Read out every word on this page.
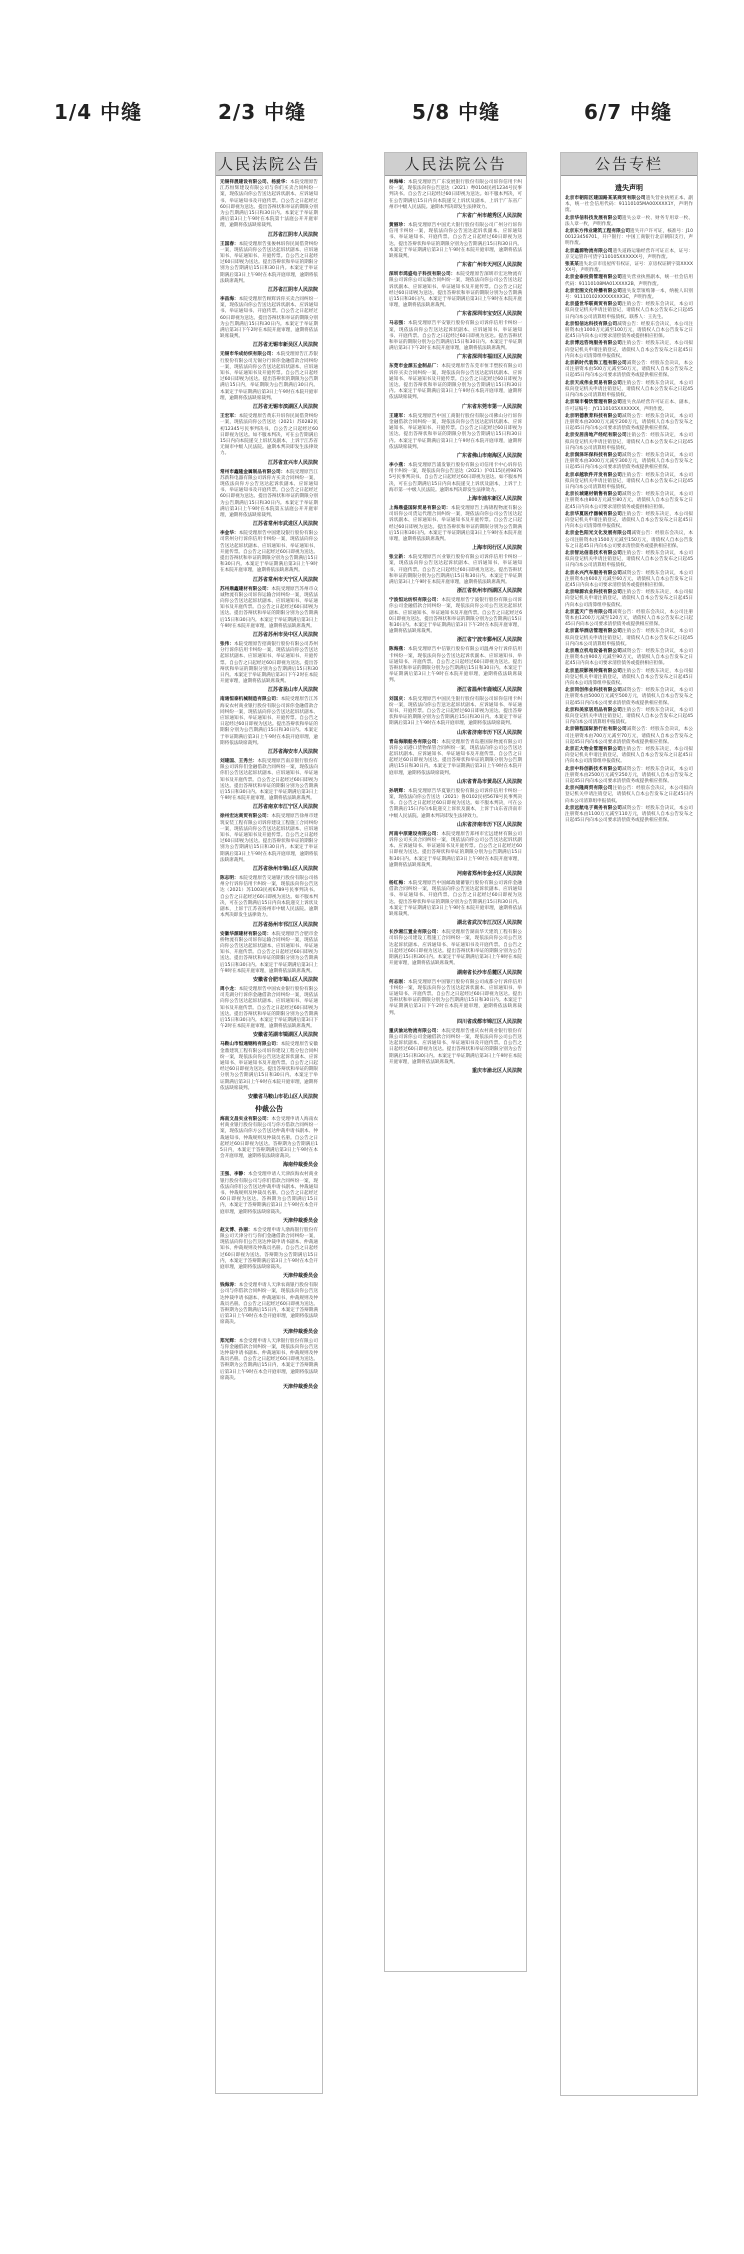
1/4 中缝	2/3 中缝	5/8 中缝	6/7 中缝
人民法院公告
无锡祥晟建设有限公司、杨爱华：本院受理原告江苏恒辉建设有限公司与你们买卖合同纠纷一案，现依法向你公告送达起诉状副本、应诉通知书、举证通知书及开庭传票。自公告之日起经过60日即视为送达。提出答辩状和举证的期限分别为公告期满后15日和30日内。本案定于举证期满后第3日上午9时在本院第十法庭公开开庭审理，逾期将依法缺席裁判。
江苏省江阴市人民法院
王国春：本院受理原告张俊林诉你民间借贷纠纷一案，现依法向你公告送达起诉状副本、应诉通知书、举证通知书、开庭传票。自公告之日起经过60日即视为送达。提出答辩状和举证的期限分别为公告期满后15日和30日内。本案定于举证期满后第3日上午9时在本院开庭审理，逾期将依法缺席裁判。
江苏省江阴市人民法院
李昌海：本院受理原告顾辉诉你买卖合同纠纷一案，现依法向你公告送达起诉状副本、应诉通知书、举证通知书、开庭传票。自公告之日起经过60日即视为送达。提出答辩状和举证的期限分别为公告期满后15日和30日内。本案定于举证期满后第3日下午2时在本院开庭审理，逾期将依法缺席裁判。
江苏省无锡市新吴区人民法院
无锡市华成纺织有限公司：本院受理原告江苏银行股份有限公司无锡分行诉你金融借款合同纠纷一案，现依法向你公告送达起诉状副本、应诉通知书、举证通知书及开庭传票。自公告之日起经过60日即视为送达。提出答辩状的期限为公告期满后15日内，举证期限为公告期满后30日内。本案定于举证期满后第3日上午9时在本院开庭审理，逾期将依法缺席裁判。
江苏省无锡市滨湖区人民法院
王宏军：本院受理原告黄东升诉你民间借贷纠纷一案，现依法向你公告送达（2021）苏0282民初12345号民事判决书。自公告之日起经过60日即视为送达。如不服本判决，可在公告期满后15日内向本院递交上诉状及副本，上诉于江苏省无锡市中级人民法院。逾期本判决即发生法律效力。
江苏省宜兴市人民法院
常州市鑫隆金属制品有限公司：本院受理原告江苏新科电器有限公司诉你方买卖合同纠纷一案，现依法向你方公告送达起诉状副本、应诉通知书、举证通知书及开庭传票。自公告之日起经过60日即视为送达。提出答辩状和举证的期限分别为公告期满后15日和30日内。本案定于举证期满后第3日上午9时在本院第五法庭公开开庭审理，逾期将依法缺席裁判。
江苏省常州市武进区人民法院
李金华：本院受理原告中国建设银行股份有限公司常州分行诉你信用卡纠纷一案，现依法向你公告送达起诉状副本、应诉通知书、举证通知书、开庭传票。自公告之日起经过60日即视为送达。提出答辩状和举证的期限分别为公告期满后15日和30日内。本案定于举证期满后第3日上午9时在本院开庭审理，逾期将依法缺席裁判。
江苏省常州市天宁区人民法院
苏州鼎鑫建材有限公司：本院受理原告苏州市众诚物流有限公司诉你运输合同纠纷一案，现依法向你公告送达起诉状副本、应诉通知书、举证通知书及开庭传票。自公告之日起经过60日即视为送达。提出答辩状和举证的期限分别为公告期满后15日和30日内。本案定于举证期满后第3日上午9时在本院开庭审理，逾期将依法缺席裁判。
江苏省苏州市吴中区人民法院
张伟：本院受理原告招商银行股份有限公司苏州分行诉你信用卡纠纷一案，现依法向你公告送达起诉状副本、应诉通知书、举证通知书、开庭传票。自公告之日起经过60日即视为送达。提出答辩状和举证的期限分别为公告期满后15日和30日内。本案定于举证期满后第3日下午2时在本院开庭审理，逾期将依法缺席裁判。
江苏省昆山市人民法院
南通恒泰机械制造有限公司：本院受理原告江苏海安农村商业银行股份有限公司诉你金融借款合同纠纷一案，现依法向你公告送达起诉状副本、应诉通知书、举证通知书、开庭传票。自公告之日起经过60日即视为送达。提出答辩状和举证的期限分别为公告期满后15日和30日内。本案定于举证期满后第3日上午9时在本院开庭审理，逾期将依法缺席裁判。
江苏省海安市人民法院
刘建国、王秀兰：本院受理原告南京银行股份有限公司诉你们金融借款合同纠纷一案，现依法向你们公告送达起诉状副本、应诉通知书、举证通知书及开庭传票。自公告之日起经过60日即视为送达。提出答辩状和举证的期限分别为公告期满后15日和30日内。本案定于举证期满后第3日上午9时在本院开庭审理，逾期将依法缺席裁判。
江苏省南京市江宁区人民法院
徐州宏达商贸有限公司：本院受理原告徐州市建筑安装工程有限公司诉你建设工程施工合同纠纷一案，现依法向你公告送达起诉状副本、应诉通知书、举证通知书及开庭传票。自公告之日起经过60日即视为送达。提出答辩状和举证的期限分别为公告期满后15日和30日内。本案定于举证期满后第3日上午9时在本院开庭审理，逾期将依法缺席裁判。
江苏省徐州市铜山区人民法院
陈志明：本院受理原告交通银行股份有限公司扬州分行诉你信用卡纠纷一案，现依法向你公告送达（2021）苏1003民初6789号民事判决书。自公告之日起经过60日即视为送达。如不服本判决，可在公告期满后15日内向本院递交上诉状及副本，上诉于江苏省扬州市中级人民法院。逾期本判决即发生法律效力。
江苏省扬州市邗江区人民法院
安徽华源建材有限公司：本院受理原告合肥市金桥物流有限公司诉你运输合同纠纷一案，现依法向你公告送达起诉状副本、应诉通知书、举证通知书、开庭传票。自公告之日起经过60日即视为送达。提出答辩状和举证的期限分别为公告期满后15日和30日内。本案定于举证期满后第3日上午9时在本院开庭审理，逾期将依法缺席裁判。
安徽省合肥市蜀山区人民法院
周小龙：本院受理原告中国农业银行股份有限公司芜湖分行诉你金融借款合同纠纷一案，现依法向你公告送达起诉状副本、应诉通知书、举证通知书及开庭传票。自公告之日起经过60日即视为送达。提出答辩状和举证的期限分别为公告期满后15日和30日内。本案定于举证期满后第3日下午2时在本院开庭审理，逾期将依法缺席裁判。
安徽省芜湖市镜湖区人民法院
马鞍山市恒通钢构有限公司：本院受理原告安徽金鼎建筑工程有限公司诉你建设工程分包合同纠纷一案，现依法向你公告送达起诉状副本、应诉通知书、举证通知书及开庭传票。自公告之日起经过60日即视为送达。提出答辩状和举证的期限分别为公告期满后15日和30日内。本案定于举证期满后第3日上午9时在本院开庭审理，逾期将依法缺席裁判。
安徽省马鞍山市花山区人民法院
仲裁公告
海南文昌实业有限公司：本会受理申请人海南农村商业银行股份有限公司与你方借款合同纠纷一案，现依法向你方公告送达仲裁申请书副本、仲裁通知书、仲裁规则及仲裁员名册。自公告之日起经过60日即视为送达。答辩期为公告期满后15日内，本案定于答辩期满后第3日上午9时在本会开庭审理，逾期将依法缺席裁决。
海南仲裁委员会
王强、李静：本会受理申请人天津滨海农村商业银行股份有限公司与你们借款合同纠纷一案，现依法向你们公告送达仲裁申请书副本、仲裁通知书、仲裁规则及仲裁员名册。自公告之日起经过60日即视为送达。答辩期为公告期满后15日内，本案定于答辩期满后第3日上午9时在本会开庭审理，逾期将依法缺席裁决。
天津仲裁委员会
赵文博、孙丽：本会受理申请人渤海银行股份有限公司天津分行与你们金融借款合同纠纷一案，现依法向你们公告送达仲裁申请书副本、仲裁通知书、仲裁规则及仲裁员名册。自公告之日起经过60日即视为送达。答辩期为公告期满后15日内，本案定于答辩期满后第3日上午9时在本会开庭审理，逾期将依法缺席裁决。
天津仲裁委员会
钱海涛：本会受理申请人天津农商银行股份有限公司与你借款合同纠纷一案，现依法向你公告送达仲裁申请书副本、仲裁通知书、仲裁规则及仲裁员名册。自公告之日起经过60日即视为送达。答辩期为公告期满后15日内，本案定于答辩期满后第3日上午9时在本会开庭审理，逾期将依法缺席裁决。
天津仲裁委员会
郑光辉：本会受理申请人天津银行股份有限公司与你金融借款合同纠纷一案，现依法向你公告送达仲裁申请书副本、仲裁通知书、仲裁规则及仲裁员名册。自公告之日起经过60日即视为送达。答辩期为公告期满后15日内，本案定于答辩期满后第3日上午9时在本会开庭审理，逾期将依法缺席裁决。
天津仲裁委员会
人民法院公告
林海峰：本院受理原告广东发展银行股份有限公司诉你信用卡纠纷一案，现依法向你公告送达（2021）粤0104民初1234号民事判决书。自公告之日起经过60日即视为送达。如不服本判决，可在公告期满后15日内向本院递交上诉状及副本，上诉于广东省广州市中级人民法院。逾期本判决即发生法律效力。
广东省广州市越秀区人民法院
黄丽珍：本院受理原告中国光大银行股份有限公司广州分行诉你信用卡纠纷一案，现依法向你公告送达起诉状副本、应诉通知书、举证通知书、开庭传票。自公告之日起经过60日即视为送达。提出答辩状和举证的期限分别为公告期满后15日和30日内。本案定于举证期满后第3日上午9时在本院开庭审理，逾期将依法缺席裁判。
广东省广州市天河区人民法院
深圳市鸿盛电子科技有限公司：本院受理原告深圳市宏达物流有限公司诉你公司运输合同纠纷一案，现依法向你公司公告送达起诉状副本、应诉通知书、举证通知书及开庭传票。自公告之日起经过60日即视为送达。提出答辩状和举证的期限分别为公告期满后15日和30日内。本案定于举证期满后第3日上午9时在本院开庭审理，逾期将依法缺席裁判。
广东省深圳市宝安区人民法院
马志强：本院受理原告平安银行股份有限公司诉你信用卡纠纷一案，现依法向你公告送达起诉状副本、应诉通知书、举证通知书、开庭传票。自公告之日起经过60日即视为送达。提出答辩状和举证的期限分别为公告期满后15日和30日内。本案定于举证期满后第3日下午2时在本院开庭审理，逾期将依法缺席裁判。
广东省深圳市福田区人民法院
东莞市金源五金制品厂：本院受理原告东莞市恒丰塑胶有限公司诉你买卖合同纠纷一案，现依法向你公告送达起诉状副本、应诉通知书、举证通知书及开庭传票。自公告之日起经过60日即视为送达。提出答辩状和举证的期限分别为公告期满后15日和30日内。本案定于举证期满后第3日上午9时在本院开庭审理，逾期将依法缺席裁判。
广东省东莞市第一人民法院
王建军：本院受理原告中国工商银行股份有限公司佛山分行诉你金融借款合同纠纷一案，现依法向你公告送达起诉状副本、应诉通知书、举证通知书、开庭传票。自公告之日起经过60日即视为送达。提出答辩状和举证的期限分别为公告期满后15日和30日内。本案定于举证期满后第3日上午9时在本院开庭审理，逾期将依法缺席裁判。
广东省佛山市南海区人民法院
李小燕：本院受理原告浦发银行股份有限公司信用卡中心诉你信用卡纠纷一案，现依法向你公告送达（2021）沪0115民初98765号民事判决书。自公告之日起经过60日即视为送达。如不服本判决，可在公告期满后15日内向本院递交上诉状及副本，上诉于上海市第一中级人民法院。逾期本判决即发生法律效力。
上海市浦东新区人民法院
上海鼎盛国际贸易有限公司：本院受理原告上海锦程物流有限公司诉你公司货运代理合同纠纷一案，现依法向你公司公告送达起诉状副本、应诉通知书、举证通知书及开庭传票。自公告之日起经过60日即视为送达。提出答辩状和举证的期限分别为公告期满后15日和30日内。本案定于举证期满后第3日上午9时在本院开庭审理，逾期将依法缺席裁判。
上海市闵行区人民法院
张立新：本院受理原告兴业银行股份有限公司诉你信用卡纠纷一案，现依法向你公告送达起诉状副本、应诉通知书、举证通知书、开庭传票。自公告之日起经过60日即视为送达。提出答辩状和举证的期限分别为公告期满后15日和30日内。本案定于举证期满后第3日上午9时在本院开庭审理，逾期将依法缺席裁判。
浙江省杭州市西湖区人民法院
宁波恒达纺织有限公司：本院受理原告宁波银行股份有限公司诉你公司金融借款合同纠纷一案，现依法向你公司公告送达起诉状副本、应诉通知书、举证通知书及开庭传票。自公告之日起经过60日即视为送达。提出答辩状和举证的期限分别为公告期满后15日和30日内。本案定于举证期满后第3日下午2时在本院开庭审理，逾期将依法缺席裁判。
浙江省宁波市鄞州区人民法院
陈海燕：本院受理原告中信银行股份有限公司温州分行诉你信用卡纠纷一案，现依法向你公告送达起诉状副本、应诉通知书、举证通知书、开庭传票。自公告之日起经过60日即视为送达。提出答辩状和举证的期限分别为公告期满后15日和30日内。本案定于举证期满后第3日上午9时在本院开庭审理，逾期将依法缺席裁判。
浙江省温州市鹿城区人民法院
刘国庆：本院受理原告中国民生银行股份有限公司诉你信用卡纠纷一案，现依法向你公告送达起诉状副本、应诉通知书、举证通知书、开庭传票。自公告之日起经过60日即视为送达。提出答辩状和举证的期限分别为公告期满后15日和30日内。本案定于举证期满后第3日上午9时在本院开庭审理，逾期将依法缺席裁判。
山东省济南市历下区人民法院
青岛海顺船务有限公司：本院受理原告青岛港国际物流有限公司诉你公司港口货物保管合同纠纷一案，现依法向你公司公告送达起诉状副本、应诉通知书、举证通知书及开庭传票。自公告之日起经过60日即视为送达。提出答辩状和举证的期限分别为公告期满后15日和30日内。本案定于举证期满后第3日上午9时在本院开庭审理，逾期将依法缺席裁判。
山东省青岛市黄岛区人民法院
孙明辉：本院受理原告华夏银行股份有限公司诉你信用卡纠纷一案，现依法向你公告送达（2021）鲁0102民初5678号民事判决书。自公告之日起经过60日即视为送达。如不服本判决，可在公告期满后15日内向本院递交上诉状及副本，上诉于山东省济南市中级人民法院。逾期本判决即发生法律效力。
山东省济南市历下区人民法院
河南中原建设有限公司：本院受理原告郑州市宏远建材有限公司诉你公司买卖合同纠纷一案，现依法向你公司公告送达起诉状副本、应诉通知书、举证通知书及开庭传票。自公告之日起经过60日即视为送达。提出答辩状和举证的期限分别为公告期满后15日和30日内。本案定于举证期满后第3日上午9时在本院开庭审理，逾期将依法缺席裁判。
河南省郑州市金水区人民法院
杨红梅：本院受理原告中国邮政储蓄银行股份有限公司诉你金融借款合同纠纷一案，现依法向你公告送达起诉状副本、应诉通知书、举证通知书、开庭传票。自公告之日起经过60日即视为送达。提出答辩状和举证的期限分别为公告期满后15日和30日内。本案定于举证期满后第3日上午9时在本院开庭审理，逾期将依法缺席裁判。
湖北省武汉市江汉区人民法院
长沙湘江置业有限公司：本院受理原告湖南华天建筑工程有限公司诉你公司建设工程施工合同纠纷一案，现依法向你公司公告送达起诉状副本、应诉通知书、举证通知书及开庭传票。自公告之日起经过60日即视为送达。提出答辩状和举证的期限分别为公告期满后15日和30日内。本案定于举证期满后第3日上午9时在本院开庭审理，逾期将依法缺席裁判。
湖南省长沙市岳麓区人民法院
何志刚：本院受理原告中国银行股份有限公司成都分行诉你信用卡纠纷一案，现依法向你公告送达起诉状副本、应诉通知书、举证通知书、开庭传票。自公告之日起经过60日即视为送达。提出答辩状和举证的期限分别为公告期满后15日和30日内。本案定于举证期满后第3日下午2时在本院开庭审理，逾期将依法缺席裁判。
四川省成都市锦江区人民法院
重庆渝达物流有限公司：本院受理原告重庆农村商业银行股份有限公司诉你公司金融借款合同纠纷一案，现依法向你公司公告送达起诉状副本、应诉通知书、举证通知书及开庭传票。自公告之日起经过60日即视为送达。提出答辩状和举证的期限分别为公告期满后15日和30日内。本案定于举证期满后第3日上午9时在本院开庭审理，逾期将依法缺席裁判。
重庆市渝北区人民法院
公告专栏
遗失声明
北京市朝阳区建国路某某商贸有限公司遗失营业执照正本、副本，统一社会信用代码：91110105MA00XXXX1Y，声明作废。
北京华信科技发展有限公司遗失公章一枚、财务专用章一枚、法人章一枚，声明作废。
北京东方伟业建筑工程有限公司遗失开户许可证，核准号：J1000123456701，开户银行：中国工商银行北京朝阳支行，声明作废。
北京鑫源物流有限公司遗失道路运输经营许可证正本，证号：京交运管许可货字110105XXXXXX号，声明作废。
张某某遗失北京市房屋所有权证，证号：京房权证朝字第XXXXXX号，声明作废。
北京金泰投资管理有限公司遗失营业执照副本，统一社会信用代码：91110108MA01XXXX2B，声明作废。
北京宏图文化传播有限公司遗失发票领购簿一本，纳税人识别号：91110102XXXXXXXX3C，声明作废。
北京盛世华联商贸有限公司注销公告：经股东会决议，本公司拟向登记机关申请注销登记，请债权人自本公告发布之日起45日内向本公司清算组申报债权。联系人：王先生。
北京恒信达科技有限公司减资公告：经股东会决议，本公司注册资本由1000万元减至100万元，请债权人自本公告发布之日起45日内向本公司要求清偿债务或提供相应担保。
北京博远咨询服务有限公司注销公告：经股东决定，本公司拟向登记机关申请注销登记，请债权人自本公告发布之日起45日内向本公司清算组申报债权。
北京新时代装饰工程有限公司减资公告：经股东会决议，本公司注册资本由500万元减至50万元，请债权人自本公告发布之日起45日内向本公司要求清偿债务或提供相应担保。
北京天成伟业贸易有限公司注销公告：经股东会决议，本公司拟向登记机关申请注销登记，请债权人自本公告发布之日起45日内向本公司清算组申报债权。
北京瑞丰餐饮管理有限公司遗失食品经营许可证正本、副本，许可证编号：JY1110105XXXXXXX，声明作废。
北京明德教育科技有限公司减资公告：经股东会决议，本公司注册资本由2000万元减至200万元，请债权人自本公告发布之日起45日内向本公司要求清偿债务或提供相应担保。
北京安居房地产经纪有限公司注销公告：经股东决定，本公司拟向登记机关申请注销登记，请债权人自本公告发布之日起45日内向本公司清算组申报债权。
北京润泽环保科技有限公司减资公告：经股东会决议，本公司注册资本由3000万元减至300万元，请债权人自本公告发布之日起45日内向本公司要求清偿债务或提供相应担保。
北京卓越软件开发有限公司注销公告：经股东会决议，本公司拟向登记机关申请注销登记，请债权人自本公告发布之日起45日内向本公司清算组申报债权。
北京长城建材销售有限公司减资公告：经股东会决议，本公司注册资本由800万元减至80万元，请债权人自本公告发布之日起45日内向本公司要求清偿债务或提供相应担保。
北京华夏医疗器械有限公司注销公告：经股东决定，本公司拟向登记机关申请注销登记，请债权人自本公告发布之日起45日内向本公司清算组申报债权。
北京金色阳光文化发展有限公司减资公告：经股东会决议，本公司注册资本由1500万元减至150万元，请债权人自本公告发布之日起45日内向本公司要求清偿债务或提供相应担保。
北京智达信息技术有限公司注销公告：经股东会决议，本公司拟向登记机关申请注销登记，请债权人自本公告发布之日起45日内向本公司清算组申报债权。
北京永兴汽车服务有限公司减资公告：经股东会决议，本公司注册资本由600万元减至60万元，请债权人自本公告发布之日起45日内向本公司要求清偿债务或提供相应担保。
北京绿源农业科技有限公司注销公告：经股东决定，本公司拟向登记机关申请注销登记，请债权人自本公告发布之日起45日内向本公司清算组申报债权。
北京蓝天广告有限公司减资公告：经股东会决议，本公司注册资本由1200万元减至120万元，请债权人自本公告发布之日起45日内向本公司要求清偿债务或提供相应担保。
北京富华酒店管理有限公司注销公告：经股东会决议，本公司拟向登记机关申请注销登记，请债权人自本公告发布之日起45日内向本公司清算组申报债权。
北京鼎立机电设备有限公司减资公告：经股东会决议，本公司注册资本由900万元减至90万元，请债权人自本公告发布之日起45日内向本公司要求清偿债务或提供相应担保。
北京星辰影视传媒有限公司注销公告：经股东决定，本公司拟向登记机关申请注销登记，请债权人自本公告发布之日起45日内向本公司清算组申报债权。
北京同创伟业科技有限公司减资公告：经股东会决议，本公司注册资本由5000万元减至500万元，请债权人自本公告发布之日起45日内向本公司要求清偿债务或提供相应担保。
北京和美家居用品有限公司注销公告：经股东会决议，本公司拟向登记机关申请注销登记，请债权人自本公告发布之日起45日内向本公司清算组申报债权。
北京锦程国际旅行社有限公司减资公告：经股东会决议，本公司注册资本由700万元减至70万元，请债权人自本公告发布之日起45日内向本公司要求清偿债务或提供相应担保。
北京正大物业管理有限公司注销公告：经股东决定，本公司拟向登记机关申请注销登记，请债权人自本公告发布之日起45日内向本公司清算组申报债权。
北京中科创新技术有限公司减资公告：经股东会决议，本公司注册资本由2500万元减至250万元，请债权人自本公告发布之日起45日内向本公司要求清偿债务或提供相应担保。
北京兴隆商贸有限公司注销公告：经股东会决议，本公司拟向登记机关申请注销登记，请债权人自本公告发布之日起45日内向本公司清算组申报债权。
北京远航电子商务有限公司减资公告：经股东会决议，本公司注册资本由1100万元减至110万元，请债权人自本公告发布之日起45日内向本公司要求清偿债务或提供相应担保。
